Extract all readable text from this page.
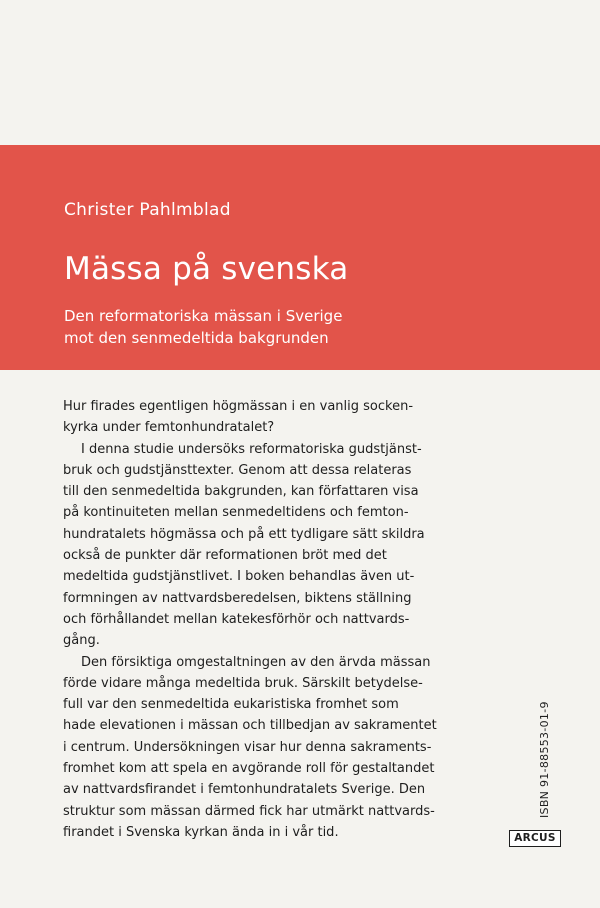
Christer Pahlmblad
Mässa på svenska
Den reformatoriska mässan i Sverige
mot den senmedeltida bakgrunden

Hur firades egentligen högmässan i en vanlig socken-
kyrka under femtonhundratalet?

I denna studie undersöks reformatoriska gudstjänst-
bruk och gudstjänsttexter. Genom att dessa relateras
till den senmedeltida bakgrunden, kan författaren visa
på kontinuiteten mellan senmedeltidens och femton-
hundratalets högmässa och på ett tydligare sätt skildra
också de punkter där reformationen bröt med det
medeltida gudstjänstlivet. I boken behandlas även ut-
formningen av nattvardsberedelsen, biktens ställning
och förhållandet mellan katekesförhör och nattvards-
gång.

Den försiktiga omgestaltningen av den ärvda mässan
förde vidare många medeltida bruk. Särskilt betydelse-
full var den senmedeltida eukaristiska fromhet som
hade elevationen i mässan och tillbedjan av sakramentet
i centrum. Undersökningen visar hur denna sakraments-
fromhet kom att spela en avgörande roll för gestaltandet
av nattvardsfirandet i femtonhundratalets Sverige. Den
struktur som mässan därmed fick har utmärkt nattvards-
firandet i Svenska kyrkan ända in i vår tid.

ISBN 91-88553-01-9
ARCUS
